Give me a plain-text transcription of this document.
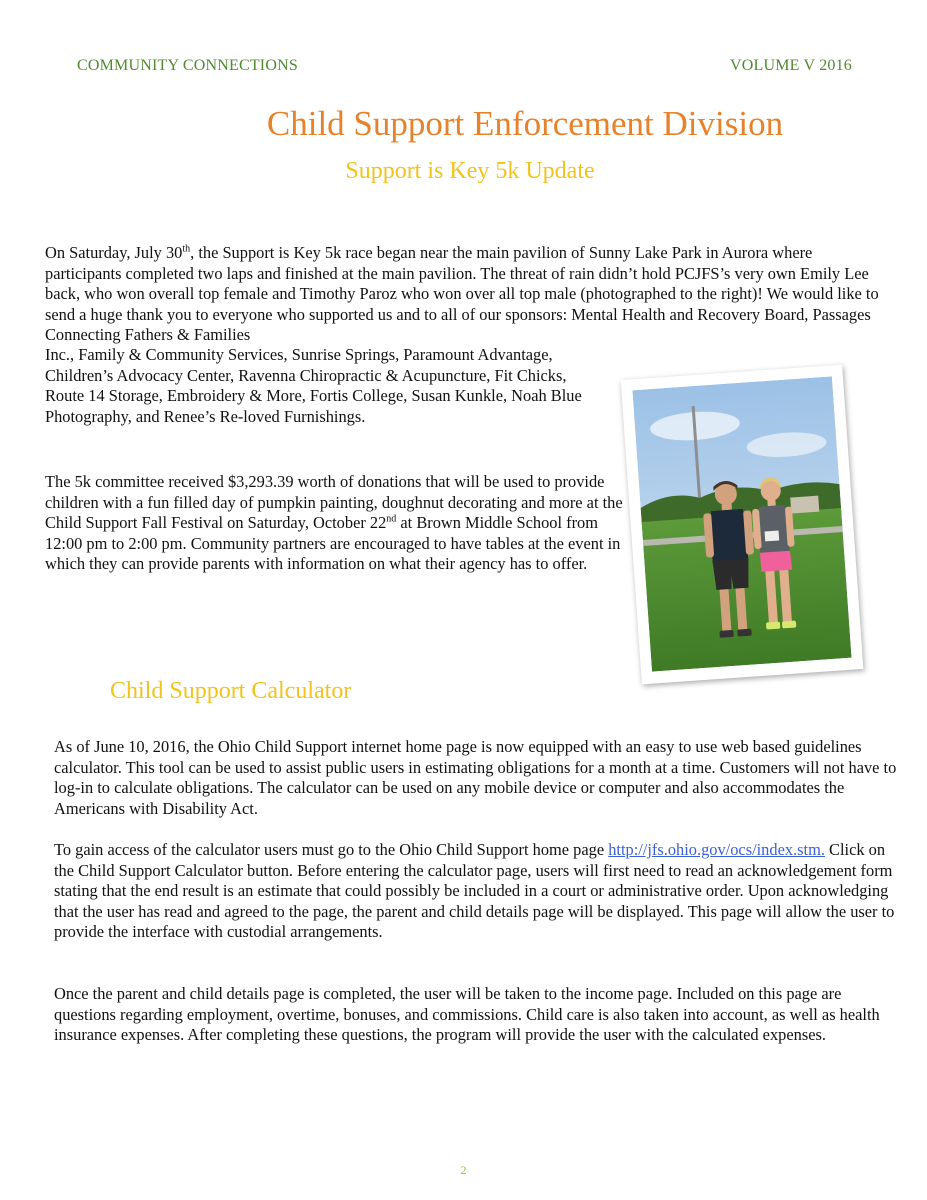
COMMUNITY CONNECTIONS	VOLUME V 2016
Child Support Enforcement Division
Support is Key 5k Update

On Saturday, July 30th, the Support is Key 5k race began near the main pavilion of Sunny Lake Park in Aurora where participants completed two laps and finished at the main pavilion. The threat of rain didn’t hold PCJFS’s very own Emily Lee back, who won overall top female and Timothy Paroz who won over all top male (photographed to the right)! We would like to send a huge thank you to everyone who supported us and to all of our sponsors: Mental Health and Recovery Board, Passages Connecting Fathers & Families

Inc., Family & Community Services, Sunrise Springs, Paramount Advantage, Children’s Advocacy Center, Ravenna Chiropractic & Acupuncture, Fit Chicks, Route 14 Storage, Embroidery & More, Fortis College, Susan Kunkle, Noah Blue Photography, and Renee’s Re-loved Furnishings.

The 5k committee received $3,293.39 worth of donations that will be used to provide children with a fun filled day of pumpkin painting, doughnut decorating and more at the Child Support Fall Festival on Saturday, October 22nd at Brown Middle School from 12:00 pm to 2:00 pm. Community partners are encouraged to have tables at the event in which they can provide parents with information on what their agency has to offer.

Child Support Calculator

As of June 10, 2016, the Ohio Child Support internet home page is now equipped with an easy to use web based guidelines calculator. This tool can be used to assist public users in estimating obligations for a month at a time. Customers will not have to log-in to calculate obligations. The calculator can be used on any mobile device or computer and also accommodates the Americans with Disability Act.

To gain access of the calculator users must go to the Ohio Child Support home page http://jfs.ohio.gov/ocs/index.stm. Click on the Child Support Calculator button. Before entering the calculator page, users will first need to read an acknowledgement form stating that the end result is an estimate that could possibly be included in a court or administrative order. Upon acknowledging that the user has read and agreed to the page, the parent and child details page will be displayed. This page will allow the user to provide the interface with custodial arrangements.

Once the parent and child details page is completed, the user will be taken to the income page. Included on this page are questions regarding employment, overtime, bonuses, and commissions. Child care is also taken into account, as well as health insurance expenses. After completing these questions, the program will provide the user with the calculated expenses.

2
